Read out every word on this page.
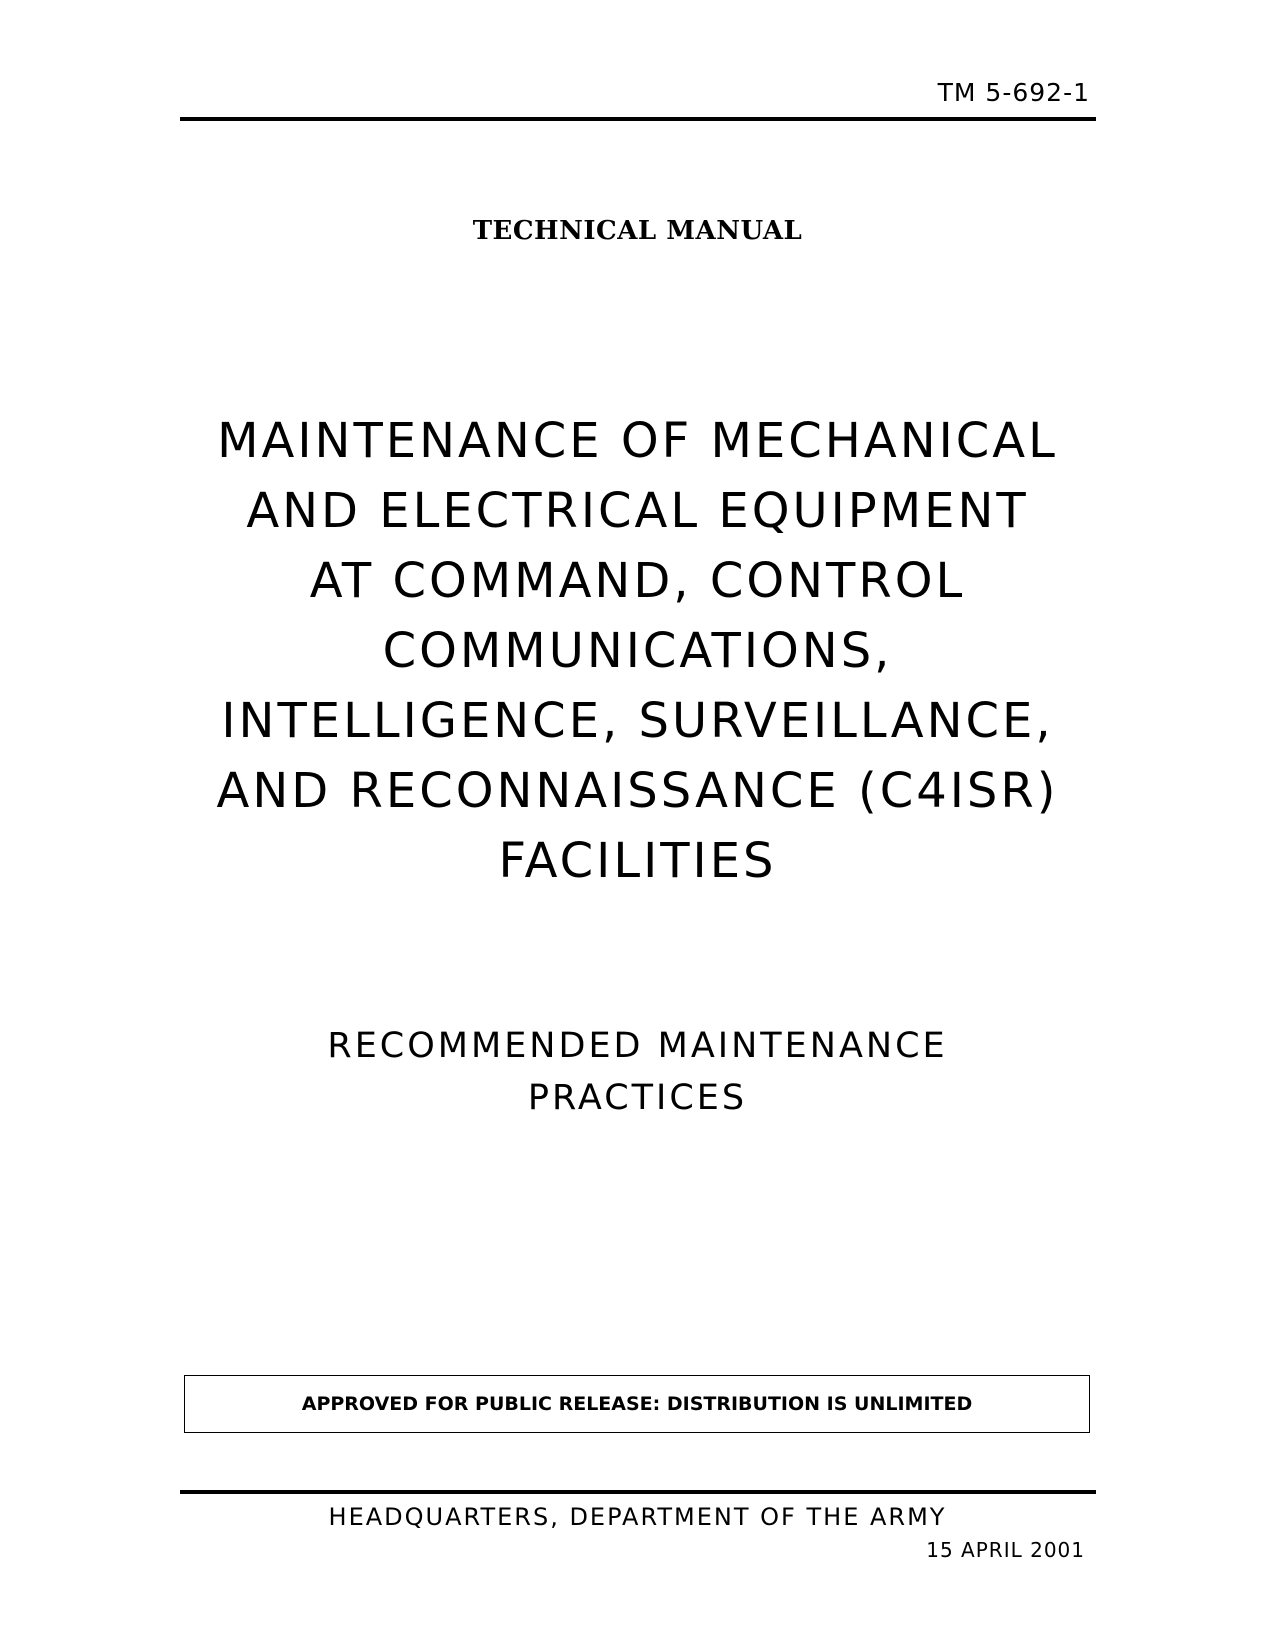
TM 5-692-1
TECHNICAL MANUAL
MAINTENANCE OF MECHANICAL
AND ELECTRICAL EQUIPMENT
AT COMMAND, CONTROL
COMMUNICATIONS,
INTELLIGENCE, SURVEILLANCE,
AND RECONNAISSANCE (C4ISR)
FACILITIES
RECOMMENDED MAINTENANCE
PRACTICES
APPROVED FOR PUBLIC RELEASE: DISTRIBUTION IS UNLIMITED
HEADQUARTERS, DEPARTMENT OF THE ARMY
15 APRIL 2001
